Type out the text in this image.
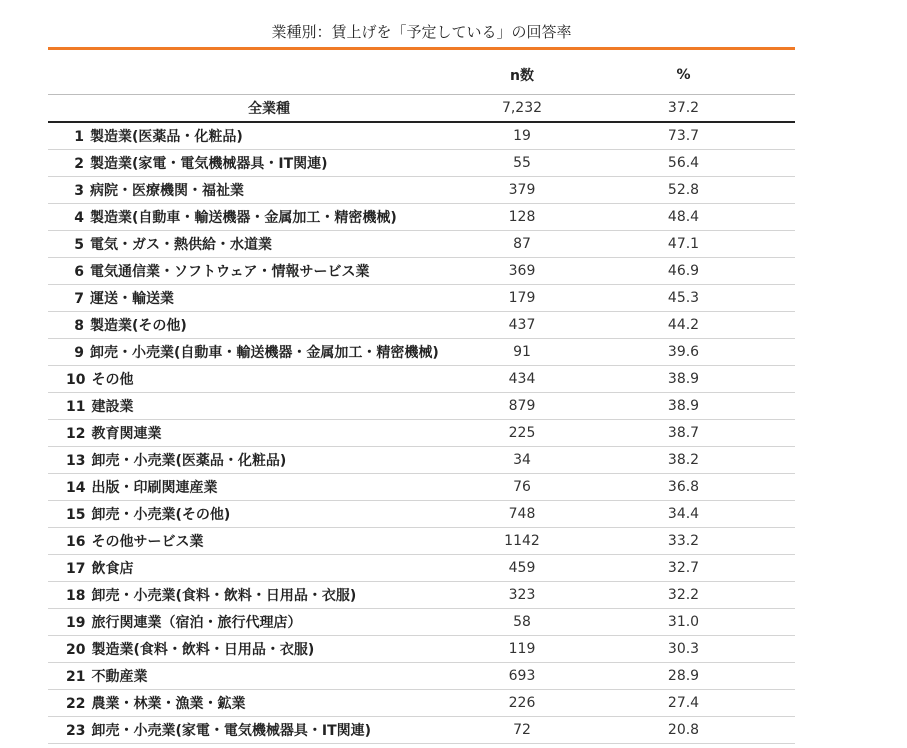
業種別：賃上げを「予定している」の回答率
	n数	%
全業種	7,232	37.2
1 製造業(医薬品・化粧品)	19	73.7
2 製造業(家電・電気機械器具・IT関連)	55	56.4
3 病院・医療機関・福祉業	379	52.8
4 製造業(自動車・輸送機器・金属加工・精密機械)	128	48.4
5 電気・ガス・熱供給・水道業	87	47.1
6 電気通信業・ソフトウェア・情報サービス業	369	46.9
7 運送・輸送業	179	45.3
8 製造業(その他)	437	44.2
9 卸売・小売業(自動車・輸送機器・金属加工・精密機械)	91	39.6
10 その他	434	38.9
11 建設業	879	38.9
12 教育関連業	225	38.7
13 卸売・小売業(医薬品・化粧品)	34	38.2
14 出版・印刷関連産業	76	36.8
15 卸売・小売業(その他)	748	34.4
16 その他サービス業	1142	33.2
17 飲食店	459	32.7
18 卸売・小売業(食料・飲料・日用品・衣服)	323	32.2
19 旅行関連業（宿泊・旅行代理店）	58	31.0
20 製造業(食料・飲料・日用品・衣服)	119	30.3
21 不動産業	693	28.9
22 農業・林業・漁業・鉱業	226	27.4
23 卸売・小売業(家電・電気機械器具・IT関連)	72	20.8
